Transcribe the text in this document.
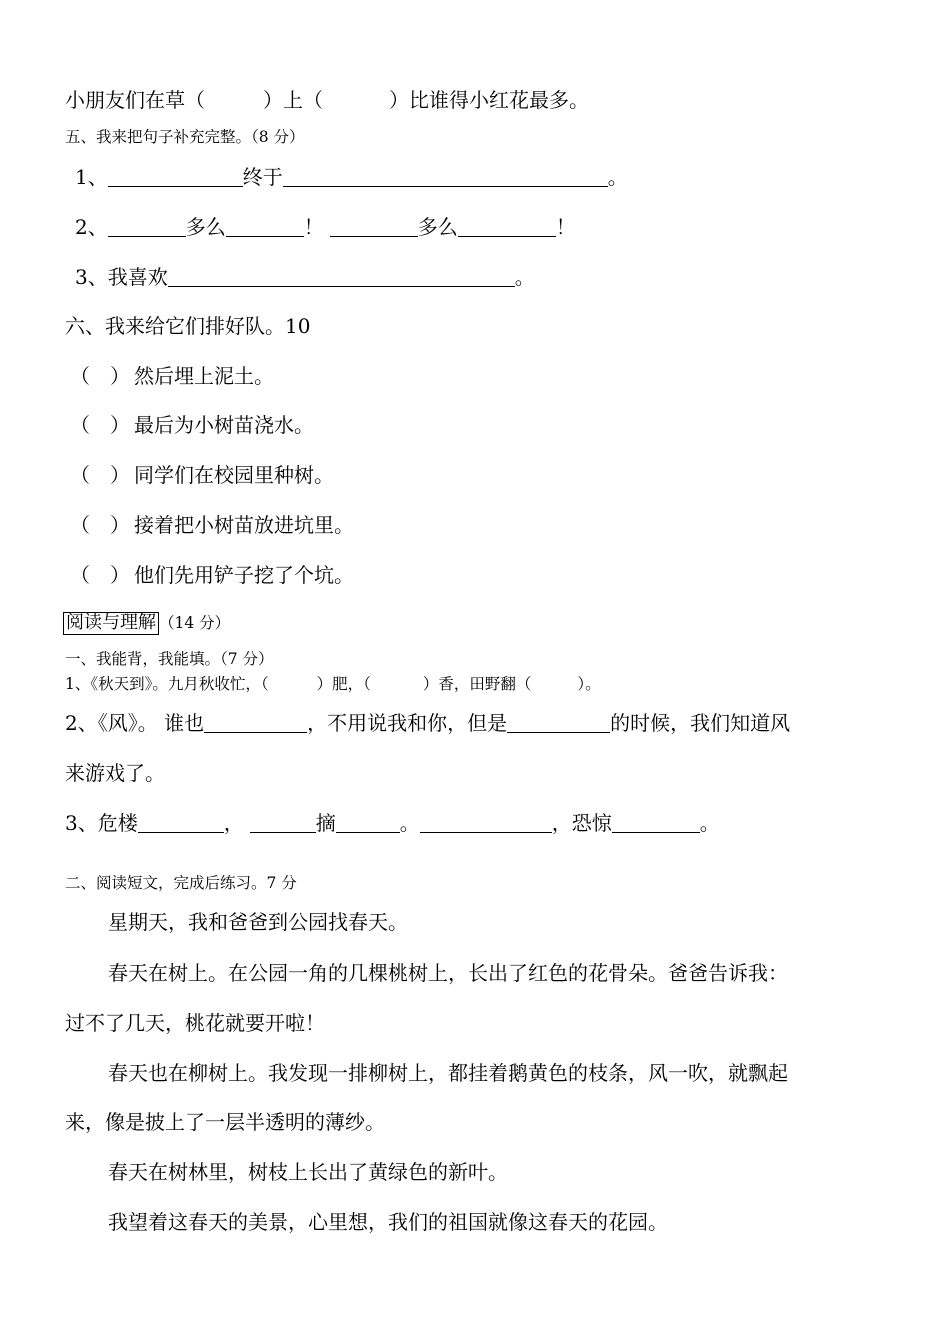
小朋友们在草（	）上（	）比谁得小红花最多。
五、我来把句子补充完整。（8 分）
1、	终于	。
2、	多么	！	多么	！
3、我喜欢	。
六、我来给它们排好队。10
（　） 然后埋上泥土。
（　） 最后为小树苗浇水。
（　） 同学们在校园里种树。
（　） 接着把小树苗放进坑里。
（　） 他们先用铲子挖了个坑。
阅读与理解 （14 分）
一、我能背，我能填。（7 分）
1、《秋天到》。九月秋收忙，（	）肥，（	）香，田野翻（	）。
2、《风》。 谁也	，不用说我和你，但是	的时候，我们知道风
来游戏了。
3、危楼	，	摘	。	，恐惊	。
二、阅读短文，完成后练习。7 分
星期天，我和爸爸到公园找春天。
春天在树上。在公园一角的几棵桃树上，长出了红色的花骨朵。爸爸告诉我：
过不了几天，桃花就要开啦！
春天也在柳树上。我发现一排柳树上，都挂着鹅黄色的枝条，风一吹，就飘起
来，像是披上了一层半透明的薄纱。
春天在树林里，树枝上长出了黄绿色的新叶。
我望着这春天的美景，心里想，我们的祖国就像这春天的花园。
